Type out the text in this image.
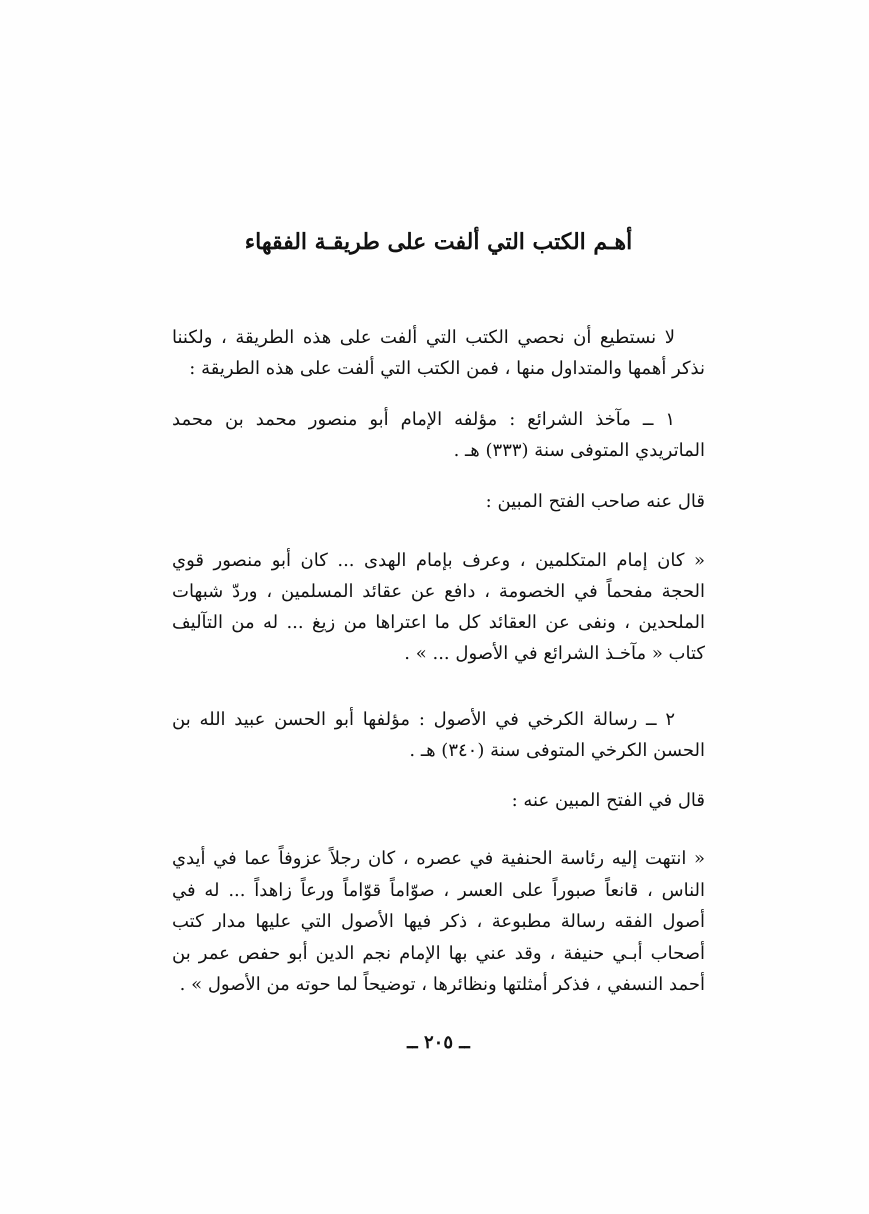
أهـم الكتب التي ألفت على طريقـة الفقهاء

لا نستطيع أن نحصي الكتب التي ألفت على هذه الطريقة ، ولكننا نذكر أهمها والمتداول منها ، فمن الكتب التي ألفت على هذه الطريقة :

١ ــ مآخذ الشرائع : مؤلفه الإمام أبو منصور محمد بن محمد الماتريدي المتوفى سنة (٣٣٣) هـ .

قال عنه صاحب الفتح المبين :

« كان إمام المتكلمين ، وعرف بإمام الهدى ... كان أبو منصور قوي الحجة مفحماً في الخصومة ، دافع عن عقائد المسلمين ، وردّ شبهات الملحدين ، ونفى عن العقائد كل ما اعتراها من زيغ ... له من التآليف كتاب « مآخـذ الشرائع في الأصول ... » .

٢ ــ رسالة الكرخي في الأصول : مؤلفها أبو الحسن عبيد الله بن الحسن الكرخي المتوفى سنة (٣٤٠) هـ .

قال في الفتح المبين عنه :

« انتهت إليه رئاسة الحنفية في عصره ، كان رجلاً عزوفاً عما في أيدي الناس ، قانعاً صبوراً على العسر ، صوّاماً قوّاماً ورعاً زاهداً ... له في أصول الفقه رسالة مطبوعة ، ذكر فيها الأصول التي عليها مدار كتب أصحاب أبـي حنيفة ، وقد عني بها الإمام نجم الدين أبو حفص عمر بن أحمد النسفي ، فذكر أمثلتها ونظائرها ، توضيحاً لما حوته من الأصول » .

ــ ٢٠٥ ــ
